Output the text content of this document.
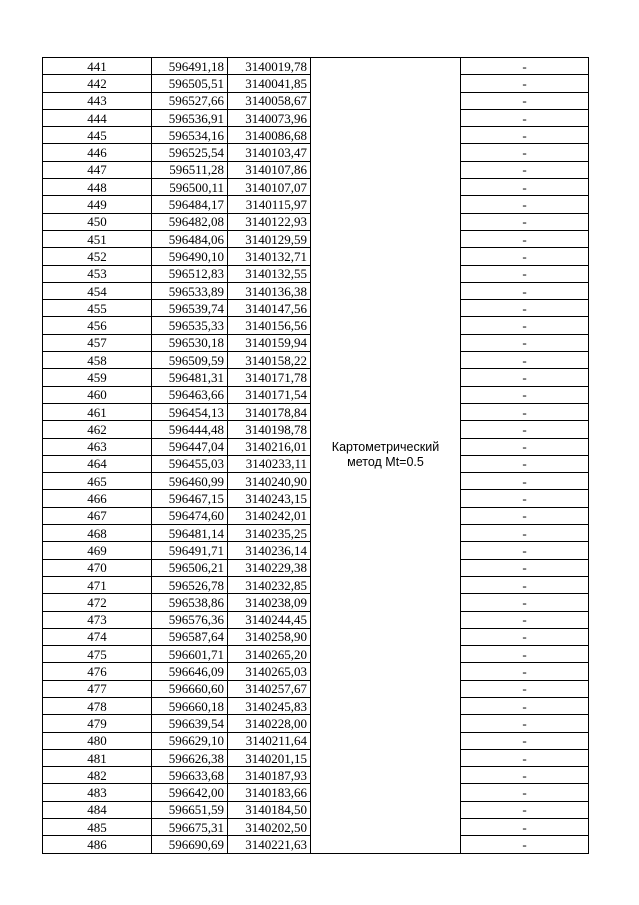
441	596491,18	3140019,78	Картометрический метод Mt=0.5	-
442	596505,51	3140041,85		-
443	596527,66	3140058,67		-
444	596536,91	3140073,96		-
445	596534,16	3140086,68		-
446	596525,54	3140103,47		-
447	596511,28	3140107,86		-
448	596500,11	3140107,07		-
449	596484,17	3140115,97		-
450	596482,08	3140122,93		-
451	596484,06	3140129,59		-
452	596490,10	3140132,71		-
453	596512,83	3140132,55		-
454	596533,89	3140136,38		-
455	596539,74	3140147,56		-
456	596535,33	3140156,56		-
457	596530,18	3140159,94		-
458	596509,59	3140158,22		-
459	596481,31	3140171,78		-
460	596463,66	3140171,54		-
461	596454,13	3140178,84		-
462	596444,48	3140198,78		-
463	596447,04	3140216,01		-
464	596455,03	3140233,11		-
465	596460,99	3140240,90		-
466	596467,15	3140243,15		-
467	596474,60	3140242,01		-
468	596481,14	3140235,25		-
469	596491,71	3140236,14		-
470	596506,21	3140229,38		-
471	596526,78	3140232,85		-
472	596538,86	3140238,09		-
473	596576,36	3140244,45		-
474	596587,64	3140258,90		-
475	596601,71	3140265,20		-
476	596646,09	3140265,03		-
477	596660,60	3140257,67		-
478	596660,18	3140245,83		-
479	596639,54	3140228,00		-
480	596629,10	3140211,64		-
481	596626,38	3140201,15		-
482	596633,68	3140187,93		-
483	596642,00	3140183,66		-
484	596651,59	3140184,50		-
485	596675,31	3140202,50		-
486	596690,69	3140221,63		-
